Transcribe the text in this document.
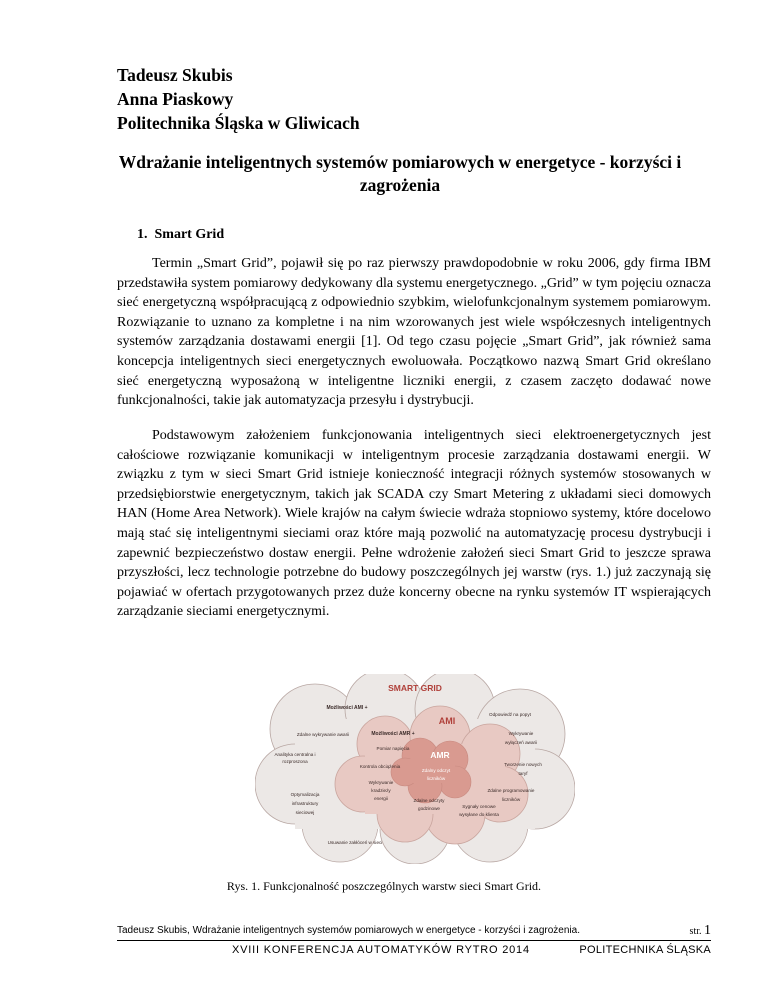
Tadeusz Skubis
Anna Piaskowy
Politechnika Śląska w Gliwicach
Wdrażanie inteligentnych systemów pomiarowych w energetyce - korzyści i zagrożenia
1.  Smart Grid

Termin „Smart Grid”, pojawił się po raz pierwszy prawdopodobnie w roku 2006, gdy firma IBM przedstawiła system pomiarowy dedykowany dla systemu energetycznego. „Grid” w tym pojęciu oznacza sieć energetyczną współpracującą z odpowiednio szybkim, wielofunkcjonalnym systemem pomiarowym. Rozwiązanie to uznano za kompletne i na nim wzorowanych jest wiele współczesnych inteligentnych systemów zarządzania dostawami energii [1]. Od tego czasu pojęcie „Smart Grid”, jak również sama koncepcja inteligentnych sieci energetycznych ewoluowała. Początkowo nazwą Smart Grid określano sieć energetyczną wyposażoną w inteligentne liczniki energii, z czasem zaczęto dodawać nowe funkcjonalności, takie jak automatyzacja przesyłu i dystrybucji.

Podstawowym założeniem funkcjonowania inteligentnych sieci elektroenergetycznych jest całościowe rozwiązanie komunikacji w inteligentnym procesie zarządzania dostawami energii. W związku z tym w sieci Smart Grid istnieje konieczność integracji różnych systemów stosowanych w przedsiębiorstwie energetycznym, takich jak SCADA czy Smart Metering z układami sieci domowych HAN (Home Area Network). Wiele krajów na całym świecie wdraża stopniowo systemy, które docelowo mają stać się inteligentnymi sieciami oraz które mają pozwolić na automatyzację procesu dystrybucji i zapewnić bezpieczeństwo dostaw energii. Pełne wdrożenie założeń sieci Smart Grid to jeszcze sprawa przyszłości, lecz technologie potrzebne do budowy poszczególnych jej warstw (rys. 1.) już zaczynają się pojawiać w ofertach przygotowanych przez duże koncerny obecne na rynku systemów IT wspierających zarządzanie sieciami energetycznymi.

SMART GRID
Możliwości AMI +
AMI
Możliwości AMR +
AMR
Zdalne wykrywanie awarii
Analityka centralna i
rozproszona
Optymalizacja
infrastruktury
sieciowej
Usuwanie zakłóceń w sieci
Odpowiedź na popyt
Wykrywanie
wyłączeń awarii
Pomiar napięcia
Kontrola obciążenia
Wykrywanie
kradzieży
energii	Zdalne odczyty
godzinowe
Tworzenie nowych
taryf
Zdalne programowanie
liczników
Sygnały cenowe
wysyłane do klienta
Zdalny odczyt
liczników
Rys. 1. Funkcjonalność poszczególnych warstw sieci Smart Grid.
Tadeusz Skubis, Wdrażanie inteligentnych systemów pomiarowych w energetyce - korzyści i zagrożenia.	str. 1
XVIII KONFERENCJA AUTOMATYKÓW RYTRO 2014	POLITECHNIKA ŚLĄSKA
